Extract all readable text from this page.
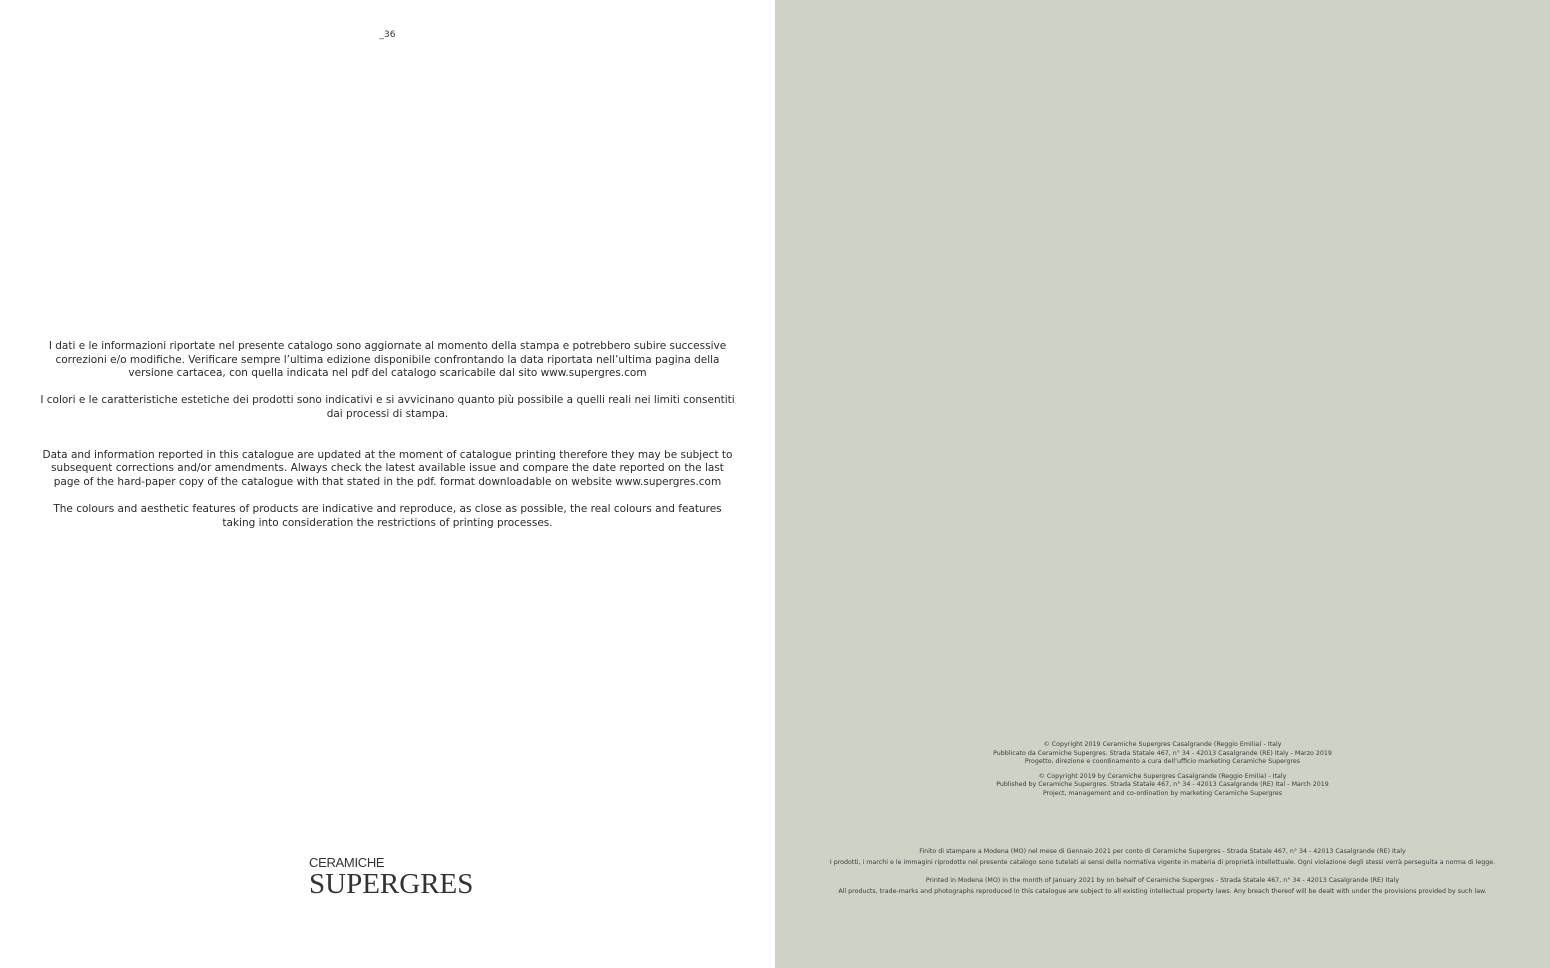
_36

I dati e le informazioni riportate nel presente catalogo sono aggiornate al momento della stampa e potrebbero subire successive correzioni e/o modifiche. Verificare sempre l’ultima edizione disponibile confrontando la data riportata nell’ultima pagina della versione cartacea, con quella indicata nel pdf del catalogo scaricabile dal sito www.supergres.com

I colori e le caratteristiche estetiche dei prodotti sono indicativi e si avvicinano quanto più possibile a quelli reali nei limiti consentiti dai processi di stampa.

Data and information reported in this catalogue are updated at the moment of catalogue printing therefore they may be subject to subsequent corrections and/or amendments. Always check the latest available issue and compare the date reported on the last page of the hard-paper copy of the catalogue with that stated in the pdf. format downloadable on website www.supergres.com

The colours and aesthetic features of products are indicative and reproduce, as close as possible, the real colours and features taking into consideration the restrictions of printing processes.

CERAMICHE
SUPERGRES
© Copyright 2019 Ceramiche Supergres Casalgrande (Reggio Emilia) - Italy
Pubblicato da Ceramiche Supergres. Strada Statale 467, n° 34 - 42013 Casalgrande (RE) Italy - Marzo 2019
Progetto, direzione e coordinamento a cura dell’ufficio marketing Ceramiche Supergres
© Copyright 2019 by Ceramiche Supergres Casalgrande (Reggio Emilia) - Italy
Published by Ceramiche Supergres. Strada Statale 467, n° 34 - 42013 Casalgrande (RE) Ital - March 2019
Project, management and co-ordination by marketing Ceramiche Supergres
Finito di stampare a Modena (MO) nel mese di Gennaio 2021 per conto di Ceramiche Supergres - Strada Statale 467, n° 34 - 42013 Casalgrande (RE) Italy
I prodotti, i marchi e le immagini riprodotte nel presente catalogo sono tutelati ai sensi della normativa vigente in materia di proprietà intellettuale. Ogni violazione degli stessi verrà perseguita a norma di legge.
Printed in Modena (MO) in the month of January 2021 by on behalf of Ceramiche Supergres - Strada Statale 467, n° 34 - 42013 Casalgrande (RE) Italy
All products, trade-marks and photographs reproduced in this catalogue are subject to all existing intellectual property laws. Any breach thereof will be dealt with under the provisions provided by such law.
